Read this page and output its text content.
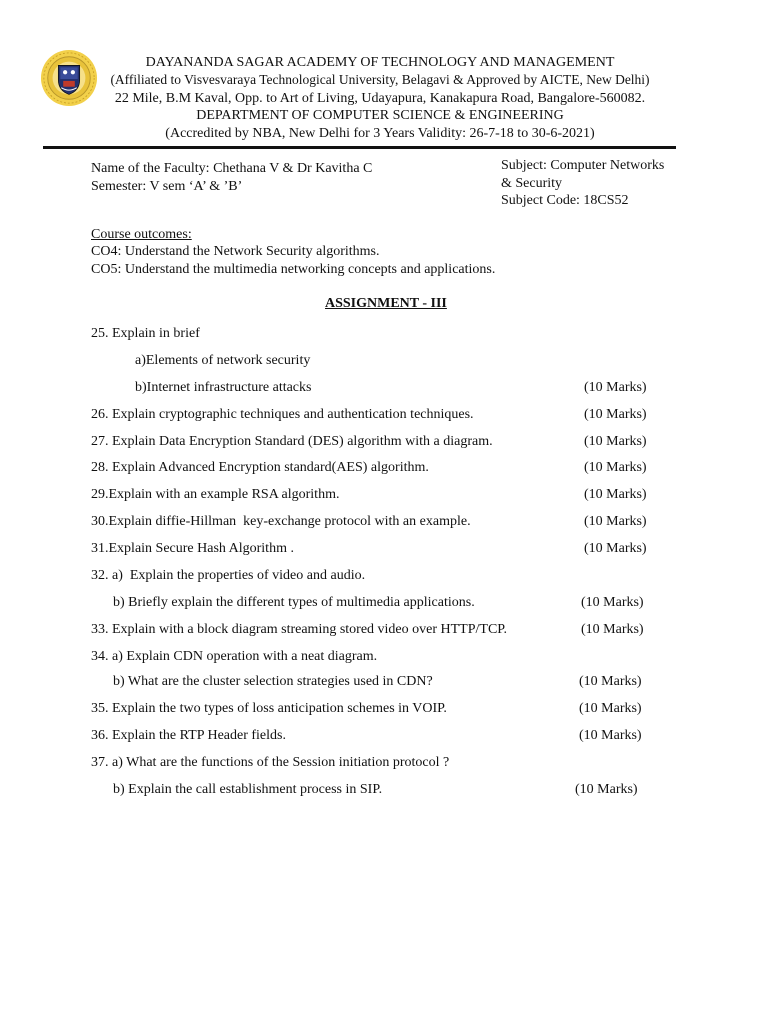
DAYANANDA SAGAR ACADEMY OF TECHNOLOGY AND MANAGEMENT
(Affiliated to Visvesvaraya Technological University, Belagavi & Approved by AICTE, New Delhi)
22 Mile, B.M Kaval, Opp. to Art of Living, Udayapura, Kanakapura Road, Bangalore-560082.
DEPARTMENT OF COMPUTER SCIENCE & ENGINEERING
(Accredited by NBA, New Delhi for 3 Years Validity: 26-7-18 to 30-6-2021)
Name of the Faculty: Chethana V & Dr Kavitha C
Semester: V sem ‘A’ & ’B’
Subject: Computer Networks
& Security
Subject Code: 18CS52
Course outcomes:
CO4: Understand the Network Security algorithms.
CO5: Understand the multimedia networking concepts and applications.
ASSIGNMENT - III
25. Explain in brief
a)Elements of network security
b)Internet infrastructure attacks	(10 Marks)
26. Explain cryptographic techniques and authentication techniques.	(10 Marks)
27. Explain Data Encryption Standard (DES) algorithm with a diagram.	(10 Marks)
28. Explain Advanced Encryption standard(AES) algorithm.	(10 Marks)
29.Explain with an example RSA algorithm.	(10 Marks)
30.Explain diffie-Hillman  key-exchange protocol with an example.	(10 Marks)
31.Explain Secure Hash Algorithm .	(10 Marks)
32. a)  Explain the properties of video and audio.
b) Briefly explain the different types of multimedia applications.	(10 Marks)
33. Explain with a block diagram streaming stored video over HTTP/TCP.	(10 Marks)
34. a) Explain CDN operation with a neat diagram.
b) What are the cluster selection strategies used in CDN?	(10 Marks)
35. Explain the two types of loss anticipation schemes in VOIP.	(10 Marks)
36. Explain the RTP Header fields.	(10 Marks)
37. a) What are the functions of the Session initiation protocol ?
b) Explain the call establishment process in SIP.	(10 Marks)
